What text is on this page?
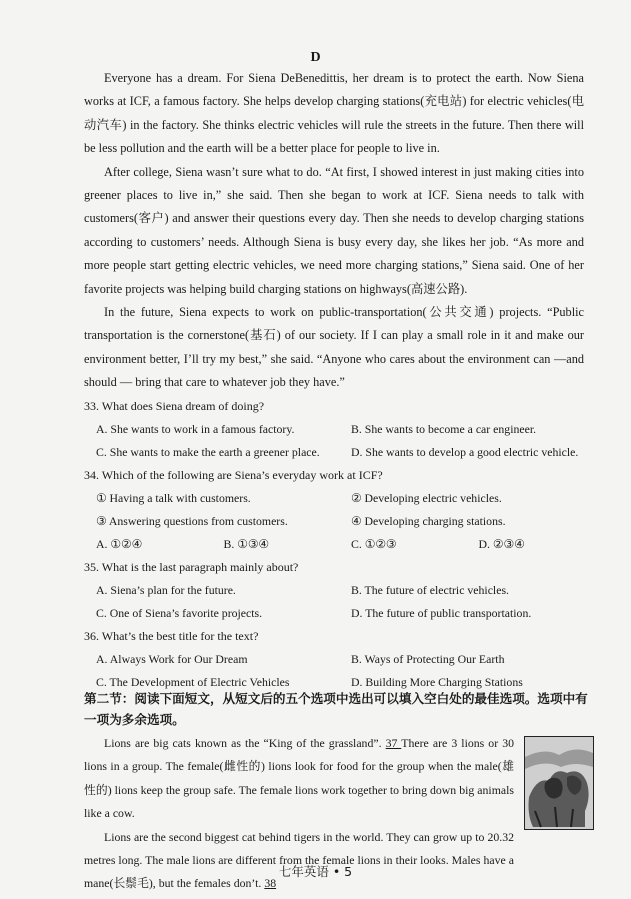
D

Everyone has a dream. For Siena DeBenedittis, her dream is to protect the earth. Now Siena works at ICF, a famous factory. She helps develop charging stations(充电站) for electric vehicles(电动汽车) in the factory. She thinks electric vehicles will rule the streets in the future. Then there will be less pollution and the earth will be a better place for people to live in.

After college, Siena wasn’t sure what to do. “At first, I showed interest in just making cities into greener places to live in,” she said. Then she began to work at ICF. Siena needs to talk with customers(客户) and answer their questions every day. Then she needs to develop charging stations according to customers’ needs. Although Siena is busy every day, she likes her job. “As more and more people start getting electric vehicles, we need more charging stations,” Siena said. One of her favorite projects was helping build charging stations on highways(高速公路).

In the future, Siena expects to work on public-transportation(公共交通) projects. “Public transportation is the cornerstone(基石) of our society. If I can play a small role in it and make our environment better, I’ll try my best,” she said. “Anyone who cares about the environment can —and should — bring that care to whatever job they have.”

33. What does Siena dream of doing?

A. She wants to work in a famous factory.	B. She wants to become a car engineer.
C. She wants to make the earth a greener place.	D. She wants to develop a good electric vehicle.

34. Which of the following are Siena’s everyday work at ICF?

① Having a talk with customers.	② Developing electric vehicles.
③ Answering questions from customers.	④ Developing charging stations.
A. ①②④	B. ①③④	C. ①②③	D. ②③④

35. What is the last paragraph mainly about?

A. Siena’s plan for the future.	B. The future of electric vehicles.
C. One of Siena’s favorite projects.	D. The future of public transportation.

36. What’s the best title for the text?

A. Always Work for Our Dream	B. Ways of Protecting Our Earth
C. The Development of Electric Vehicles	D. Building More Charging Stations
第二节：阅读下面短文，从短文后的五个选项中选出可以填入空白处的最佳选项。选项中有一项为多余选项。

Lions are big cats known as the “King of the grassland”. 37 There are 3 lions or 30 lions in a group. The female(雌性的) lions look for food for the group when the male(雄性的) lions keep the group safe. The female lions work together to bring down big animals like a cow.

Lions are the second biggest cat behind tigers in the world. They can grow up to 20.32 metres long. The male lions are different from the female lions in their looks. Males have a mane(长鬃毛), but the females don’t. 38

七年英语 • 5
